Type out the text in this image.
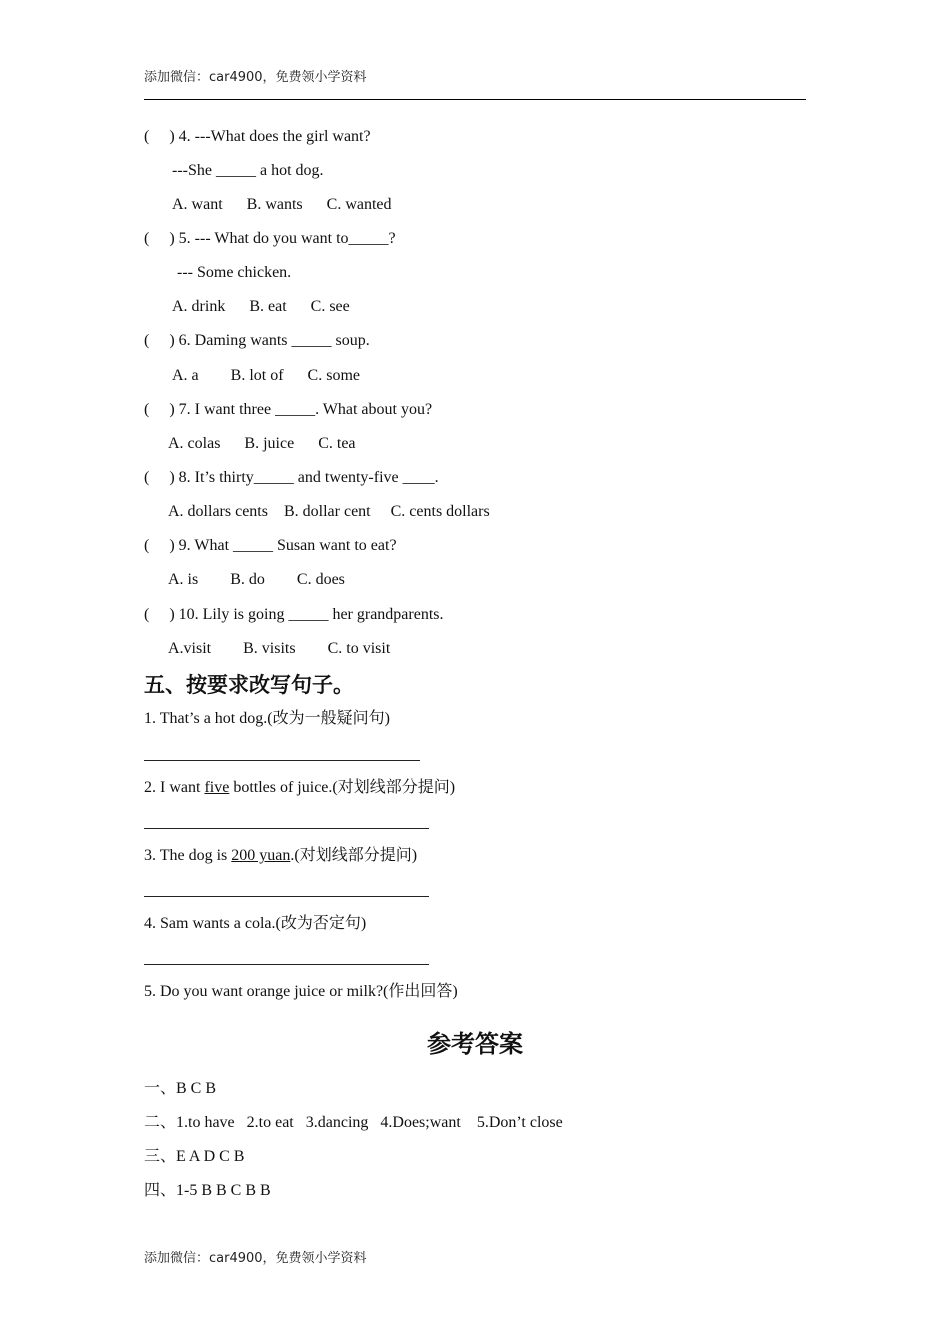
添加微信：car4900，免费领小学资料
(     ) 4. ---What does the girl want?
---She _____ a hot dog.
A. want      B. wants      C. wanted
(     ) 5. --- What do you want to_____?
--- Some chicken.
A. drink      B. eat      C. see
(     ) 6. Daming wants _____ soup.
A. a        B. lot of      C. some
(     ) 7. I want three _____. What about you?
A. colas      B. juice      C. tea
(     ) 8. It’s thirty_____ and twenty-five ____.
A. dollars cents    B. dollar cent     C. cents dollars
(     ) 9. What _____ Susan want to eat?
A. is        B. do        C. does
(     ) 10. Lily is going _____ her grandparents.
A.visit        B. visits        C. to visit
五、按要求改写句子。
1. That’s a hot dog.(改为一般疑问句)
2. I want five bottles of juice.(对划线部分提问)
3. The dog is 200 yuan.(对划线部分提问)
4. Sam wants a cola.(改为否定句)
5. Do you want orange juice or milk?(作出回答)
参考答案
一、B C B
二、1.to have   2.to eat   3.dancing   4.Does;want    5.Don’t close
三、E A D C B
四、1-5 B B C B B
添加微信：car4900，免费领小学资料
